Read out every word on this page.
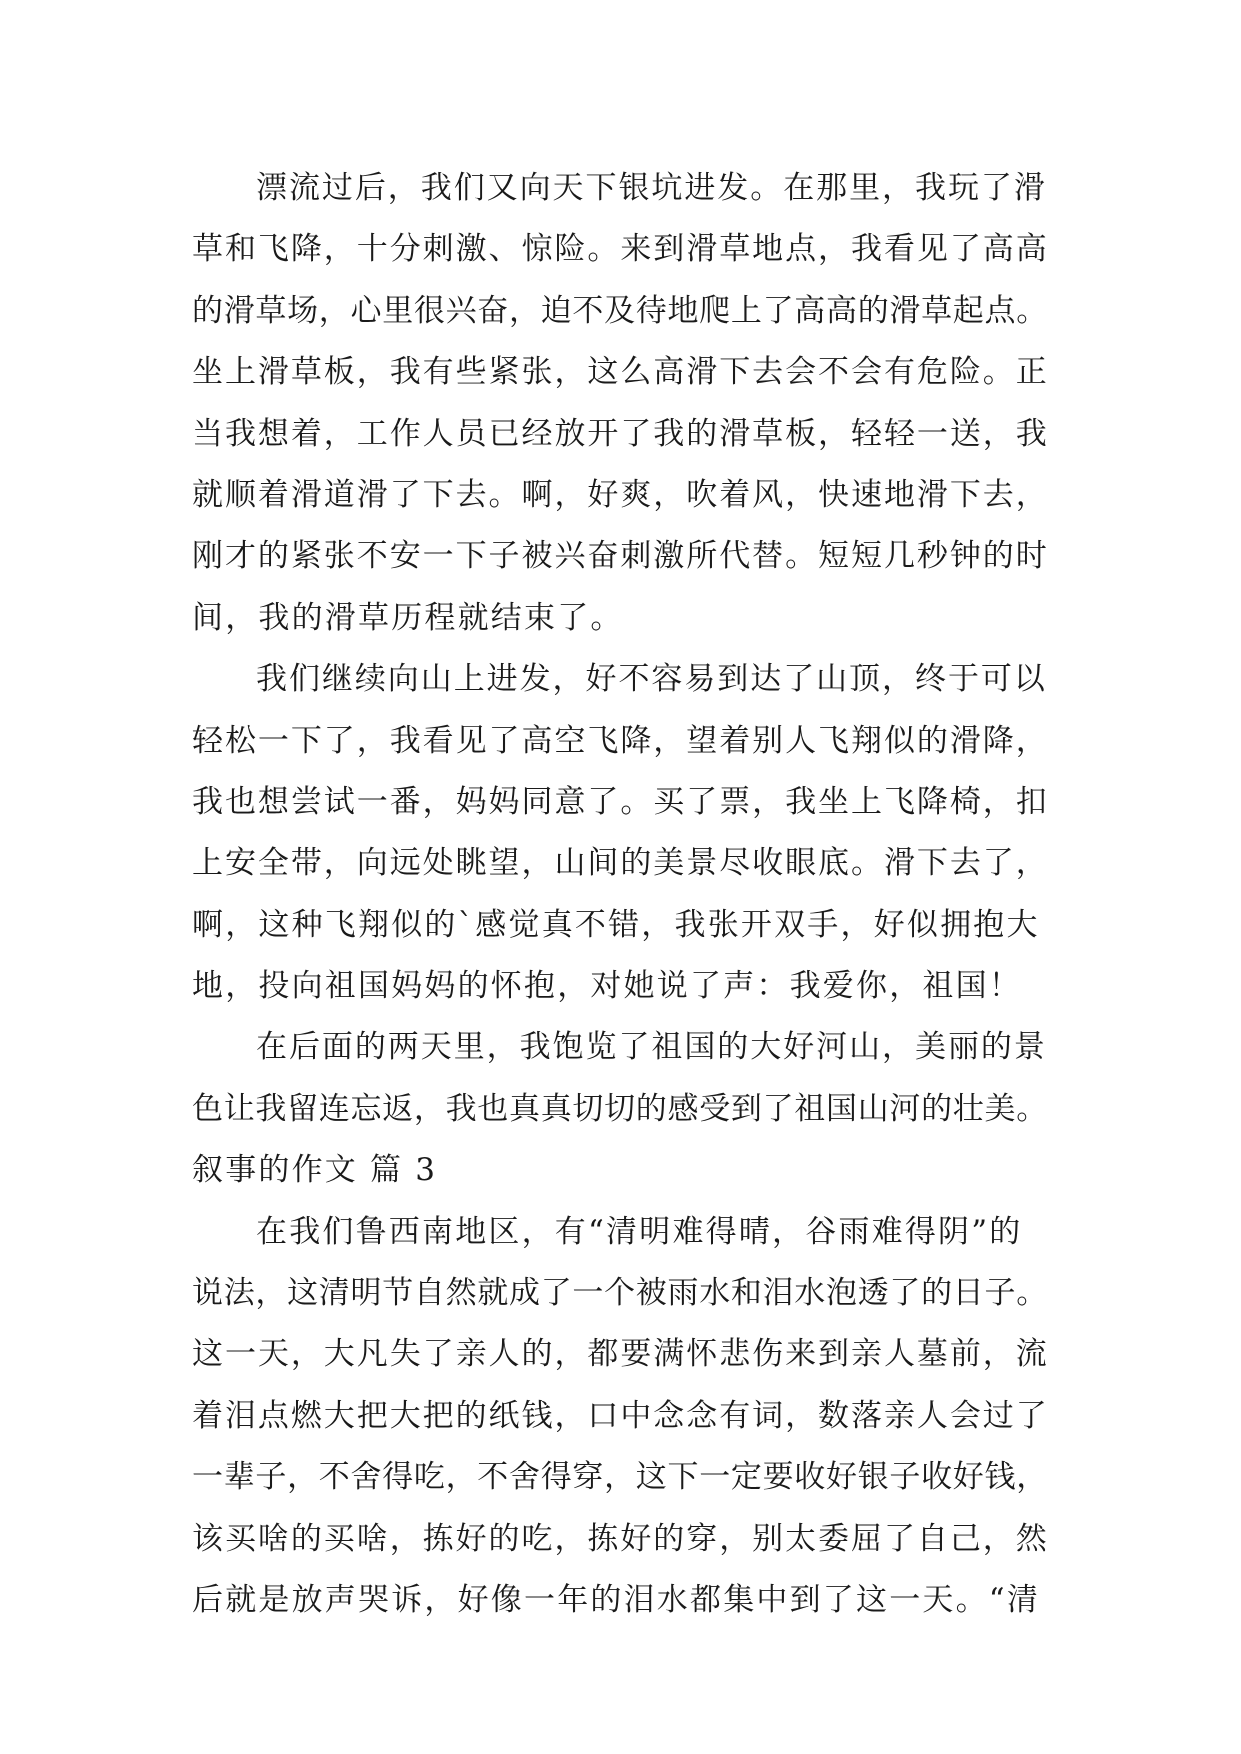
漂流过后，我们又向天下银坑进发。在那里，我玩了滑
草和飞降，十分刺激、惊险。来到滑草地点，我看见了高高
的滑草场，心里很兴奋，迫不及待地爬上了高高的滑草起点。
坐上滑草板，我有些紧张，这么高滑下去会不会有危险。正
当我想着，工作人员已经放开了我的滑草板，轻轻一送，我
就顺着滑道滑了下去。啊，好爽，吹着风，快速地滑下去，
刚才的紧张不安一下子被兴奋刺激所代替。短短几秒钟的时
间，我的滑草历程就结束了。
我们继续向山上进发，好不容易到达了山顶，终于可以
轻松一下了，我看见了高空飞降，望着别人飞翔似的滑降，
我也想尝试一番，妈妈同意了。买了票，我坐上飞降椅，扣
上安全带，向远处眺望，山间的美景尽收眼底。滑下去了，
啊，这种飞翔似的`感觉真不错，我张开双手，好似拥抱大
地，投向祖国妈妈的怀抱，对她说了声：我爱你，祖国！
在后面的两天里，我饱览了祖国的大好河山，美丽的景
色让我留连忘返，我也真真切切的感受到了祖国山河的壮美。
叙事的作文 篇 3
在我们鲁西南地区，有“清明难得晴，谷雨难得阴”的
说法，这清明节自然就成了一个被雨水和泪水泡透了的日子。
这一天，大凡失了亲人的，都要满怀悲伤来到亲人墓前，流
着泪点燃大把大把的纸钱，口中念念有词，数落亲人会过了
一辈子，不舍得吃，不舍得穿，这下一定要收好银子收好钱，
该买啥的买啥，拣好的吃，拣好的穿，别太委屈了自己，然
后就是放声哭诉，好像一年的泪水都集中到了这一天。“清
